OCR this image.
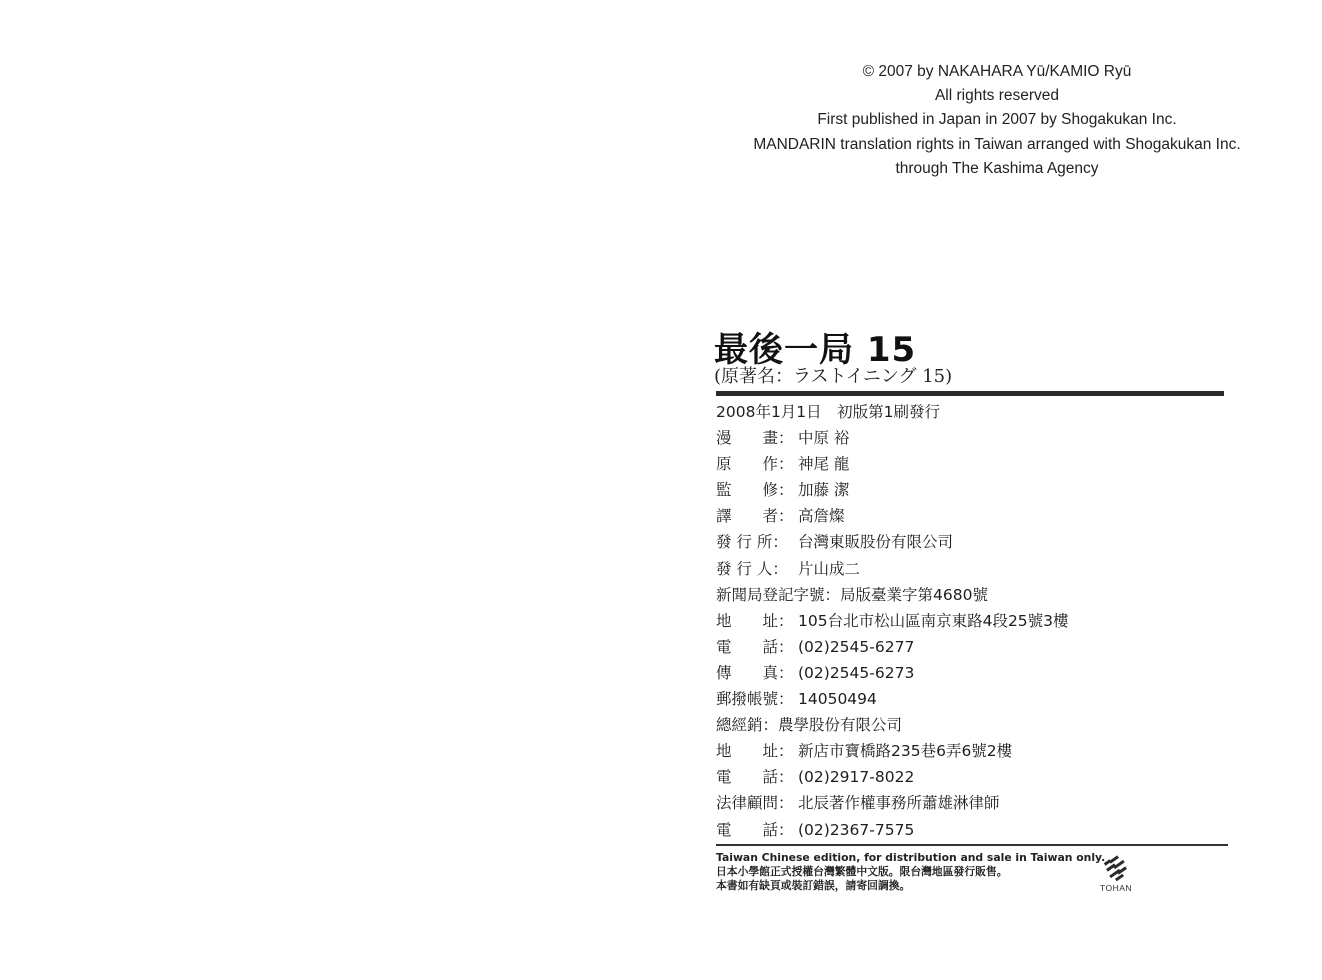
© 2007 by NAKAHARA Yū/KAMIO Ryū
All rights reserved
First published in Japan in 2007 by Shogakukan Inc.
MANDARIN translation rights in Taiwan arranged with Shogakukan Inc.
through The Kashima Agency
最後一局 15
(原著名：ラストイニング 15)
2008年1月1日　初版第1刷發行
漫　　畫： 中原 裕
原　　作： 神尾 龍
監　　修： 加藤 潔
譯　　者： 高詹燦
發 行 所： 台灣東販股份有限公司
發 行 人： 片山成二
新聞局登記字號：局版臺業字第4680號
地　　址： 105台北市松山區南京東路4段25號3樓
電　　話： (02)2545-6277
傳　　真： (02)2545-6273
郵撥帳號： 14050494
總經銷：農學股份有限公司
地　　址： 新店市寶橋路235巷6弄6號2樓
電　　話： (02)2917-8022
法律顧問： 北辰著作權事務所蕭雄淋律師
電　　話： (02)2367-7575
Taiwan Chinese edition, for distribution and sale in Taiwan only.
日本小學館正式授權台灣繁體中文版。限台灣地區發行販售。
本書如有缺頁或裝訂錯誤，請寄回調換。	TOHAN
